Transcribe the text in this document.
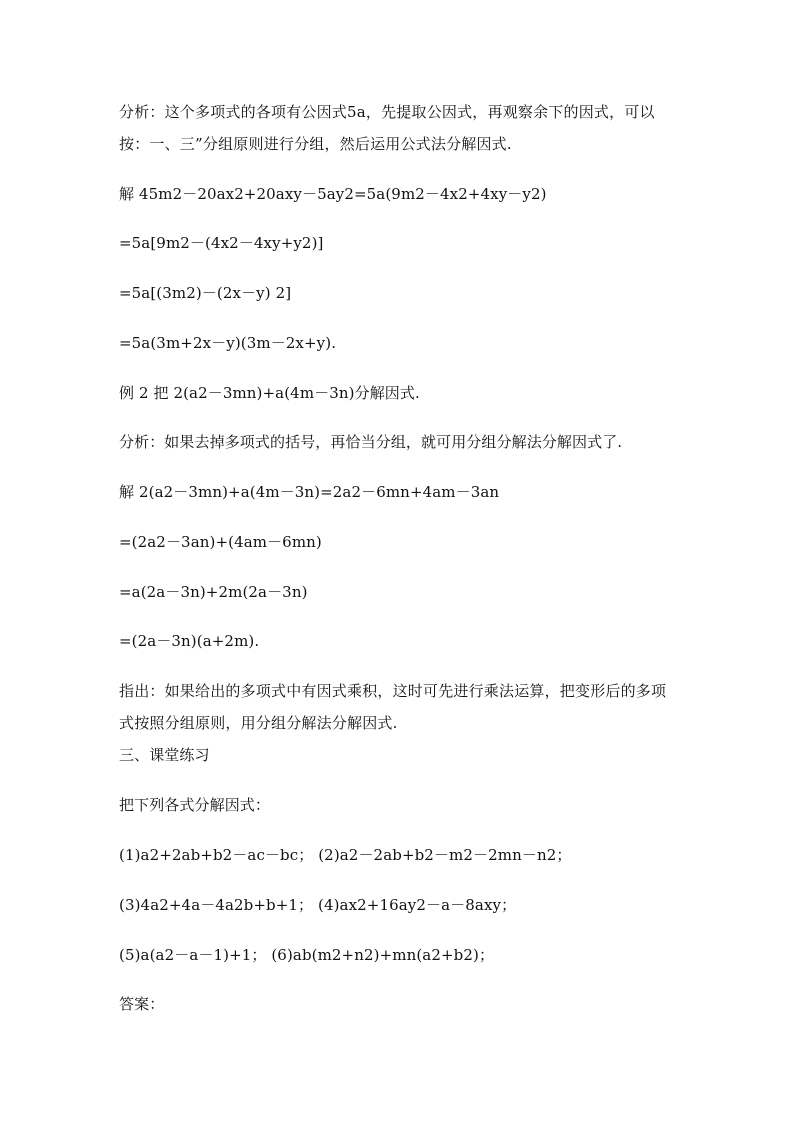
分析：这个多项式的各项有公因式5a，先提取公因式，再观察余下的因式，可以按：一、三”分组原则进行分组，然后运用公式法分解因式.
解 45m2－20ax2+20axy－5ay2=5a(9m2－4x2+4xy－y2)
=5a[9m2－(4x2－4xy+y2)]
=5a[(3m2)－(2x－y) 2]
=5a(3m+2x－y)(3m－2x+y).
例 2 把 2(a2－3mn)+a(4m－3n)分解因式.
分析：如果去掉多项式的括号，再恰当分组，就可用分组分解法分解因式了.
解 2(a2－3mn)+a(4m－3n)=2a2－6mn+4am－3an
=(2a2－3an)+(4am－6mn)
=a(2a－3n)+2m(2a－3n)
=(2a－3n)(a+2m).
指出：如果给出的多项式中有因式乘积，这时可先进行乘法运算，把变形后的多项式按照分组原则，用分组分解法分解因式.
三、课堂练习
把下列各式分解因式：
(1)a2+2ab+b2－ac－bc； (2)a2－2ab+b2－m2－2mn－n2；
(3)4a2+4a－4a2b+b+1； (4)ax2+16ay2－a－8axy；
(5)a(a2－a－1)+1； (6)ab(m2+n2)+mn(a2+b2)；
答案：
